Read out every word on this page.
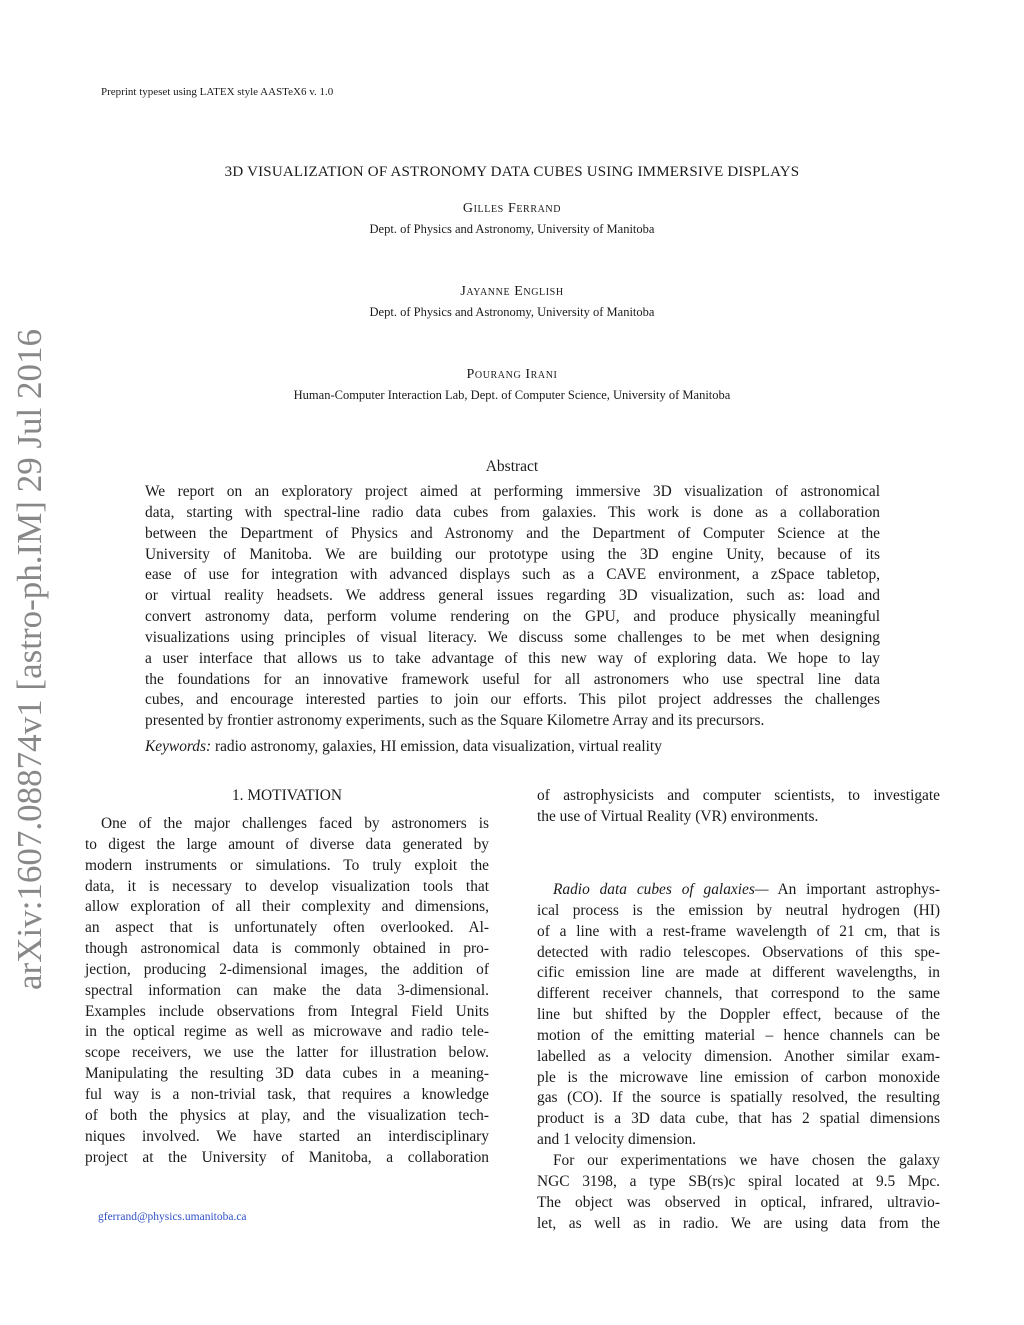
Preprint typeset using LATEX style AASTeX6 v. 1.0
arXiv:1607.08874v1 [astro-ph.IM] 29 Jul 2016
3D VISUALIZATION OF ASTRONOMY DATA CUBES USING IMMERSIVE DISPLAYS
Gilles Ferrand
Dept. of Physics and Astronomy, University of Manitoba
Jayanne English
Dept. of Physics and Astronomy, University of Manitoba
Pourang Irani
Human-Computer Interaction Lab, Dept. of Computer Science, University of Manitoba
Abstract
We report on an exploratory project aimed at performing immersive 3D visualization of astronomical
data, starting with spectral-line radio data cubes from galaxies. This work is done as a collaboration
between the Department of Physics and Astronomy and the Department of Computer Science at the
University of Manitoba. We are building our prototype using the 3D engine Unity, because of its
ease of use for integration with advanced displays such as a CAVE environment, a zSpace tabletop,
or virtual reality headsets. We address general issues regarding 3D visualization, such as: load and
convert astronomy data, perform volume rendering on the GPU, and produce physically meaningful
visualizations using principles of visual literacy. We discuss some challenges to be met when designing
a user interface that allows us to take advantage of this new way of exploring data. We hope to lay
the foundations for an innovative framework useful for all astronomers who use spectral line data
cubes, and encourage interested parties to join our efforts. This pilot project addresses the challenges
presented by frontier astronomy experiments, such as the Square Kilometre Array and its precursors.
Keywords: radio astronomy, galaxies, HI emission, data visualization, virtual reality
1. MOTIVATION
One of the major challenges faced by astronomers is
to digest the large amount of diverse data generated by
modern instruments or simulations. To truly exploit the
data, it is necessary to develop visualization tools that
allow exploration of all their complexity and dimensions,
an aspect that is unfortunately often overlooked. Al-
though astronomical data is commonly obtained in pro-
jection, producing 2-dimensional images, the addition of
spectral information can make the data 3-dimensional.
Examples include observations from Integral Field Units
in the optical regime as well as microwave and radio tele-
scope receivers, we use the latter for illustration below.
Manipulating the resulting 3D data cubes in a meaning-
ful way is a non-trivial task, that requires a knowledge
of both the physics at play, and the visualization tech-
niques involved. We have started an interdisciplinary
project at the University of Manitoba, a collaboration
of astrophysicists and computer scientists, to investigate
the use of Virtual Reality (VR) environments.
Radio data cubes of galaxies— An important astrophys-
ical process is the emission by neutral hydrogen (HI)
of a line with a rest-frame wavelength of 21 cm, that is
detected with radio telescopes. Observations of this spe-
cific emission line are made at different wavelengths, in
different receiver channels, that correspond to the same
line but shifted by the Doppler effect, because of the
motion of the emitting material – hence channels can be
labelled as a velocity dimension. Another similar exam-
ple is the microwave line emission of carbon monoxide
gas (CO). If the source is spatially resolved, the resulting
product is a 3D data cube, that has 2 spatial dimensions
and 1 velocity dimension.
For our experimentations we have chosen the galaxy
NGC 3198, a type SB(rs)c spiral located at 9.5 Mpc.
The object was observed in optical, infrared, ultravio-
let, as well as in radio. We are using data from the
gferrand@physics.umanitoba.ca
